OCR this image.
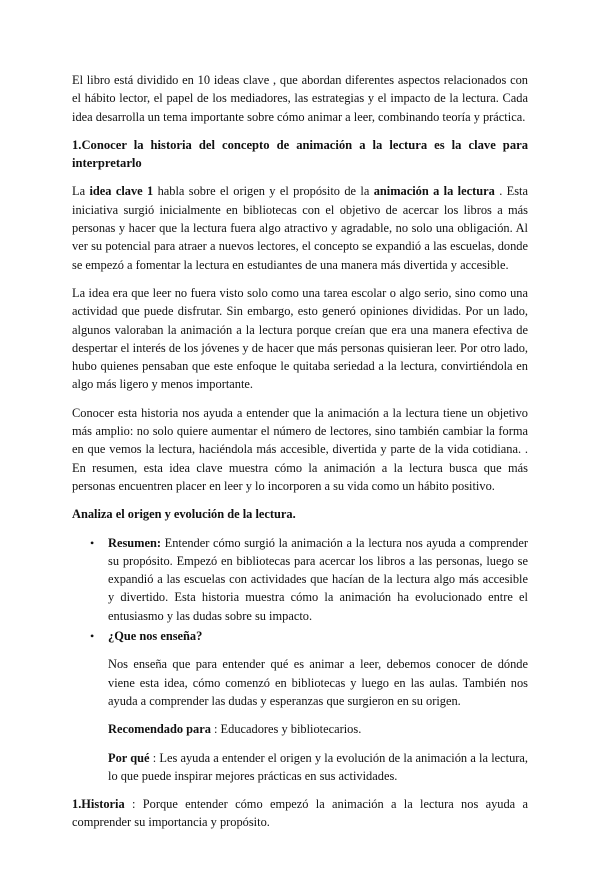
El libro está dividido en 10 ideas clave , que abordan diferentes aspectos relacionados con el hábito lector, el papel de los mediadores, las estrategias y el impacto de la lectura. Cada idea desarrolla un tema importante sobre cómo animar a leer, combinando teoría y práctica.

1.Conocer la historia del concepto de animación a la lectura es la clave para interpretarlo

La idea clave 1 habla sobre el origen y el propósito de la animación a la lectura . Esta iniciativa surgió inicialmente en bibliotecas con el objetivo de acercar los libros a más personas y hacer que la lectura fuera algo atractivo y agradable, no solo una obligación. Al ver su potencial para atraer a nuevos lectores, el concepto se expandió a las escuelas, donde se empezó a fomentar la lectura en estudiantes de una manera más divertida y accesible.

La idea era que leer no fuera visto solo como una tarea escolar o algo serio, sino como una actividad que puede disfrutar. Sin embargo, esto generó opiniones divididas. Por un lado, algunos valoraban la animación a la lectura porque creían que era una manera efectiva de despertar el interés de los jóvenes y de hacer que más personas quisieran leer. Por otro lado, hubo quienes pensaban que este enfoque le quitaba seriedad a la lectura, convirtiéndola en algo más ligero y menos importante.

Conocer esta historia nos ayuda a entender que la animación a la lectura tiene un objetivo más amplio: no solo quiere aumentar el número de lectores, sino también cambiar la forma en que vemos la lectura, haciéndola más accesible, divertida y parte de la vida cotidiana. . En resumen, esta idea clave muestra cómo la animación a la lectura busca que más personas encuentren placer en leer y lo incorporen a su vida como un hábito positivo.

Analiza el origen y evolución de la lectura.

•	Resumen: Entender cómo surgió la animación a la lectura nos ayuda a comprender su propósito. Empezó en bibliotecas para acercar los libros a las personas, luego se expandió a las escuelas con actividades que hacían de la lectura algo más accesible y divertido. Esta historia muestra cómo la animación ha evolucionado entre el entusiasmo y las dudas sobre su impacto.

•	¿Que nos enseña?

Nos enseña que para entender qué es animar a leer, debemos conocer de dónde viene esta idea, cómo comenzó en bibliotecas y luego en las aulas. También nos ayuda a comprender las dudas y esperanzas que surgieron en su origen.

Recomendado para : Educadores y bibliotecarios.

Por qué : Les ayuda a entender el origen y la evolución de la animación a la lectura, lo que puede inspirar mejores prácticas en sus actividades.

1.Historia : Porque entender cómo empezó la animación a la lectura nos ayuda a comprender su importancia y propósito.
